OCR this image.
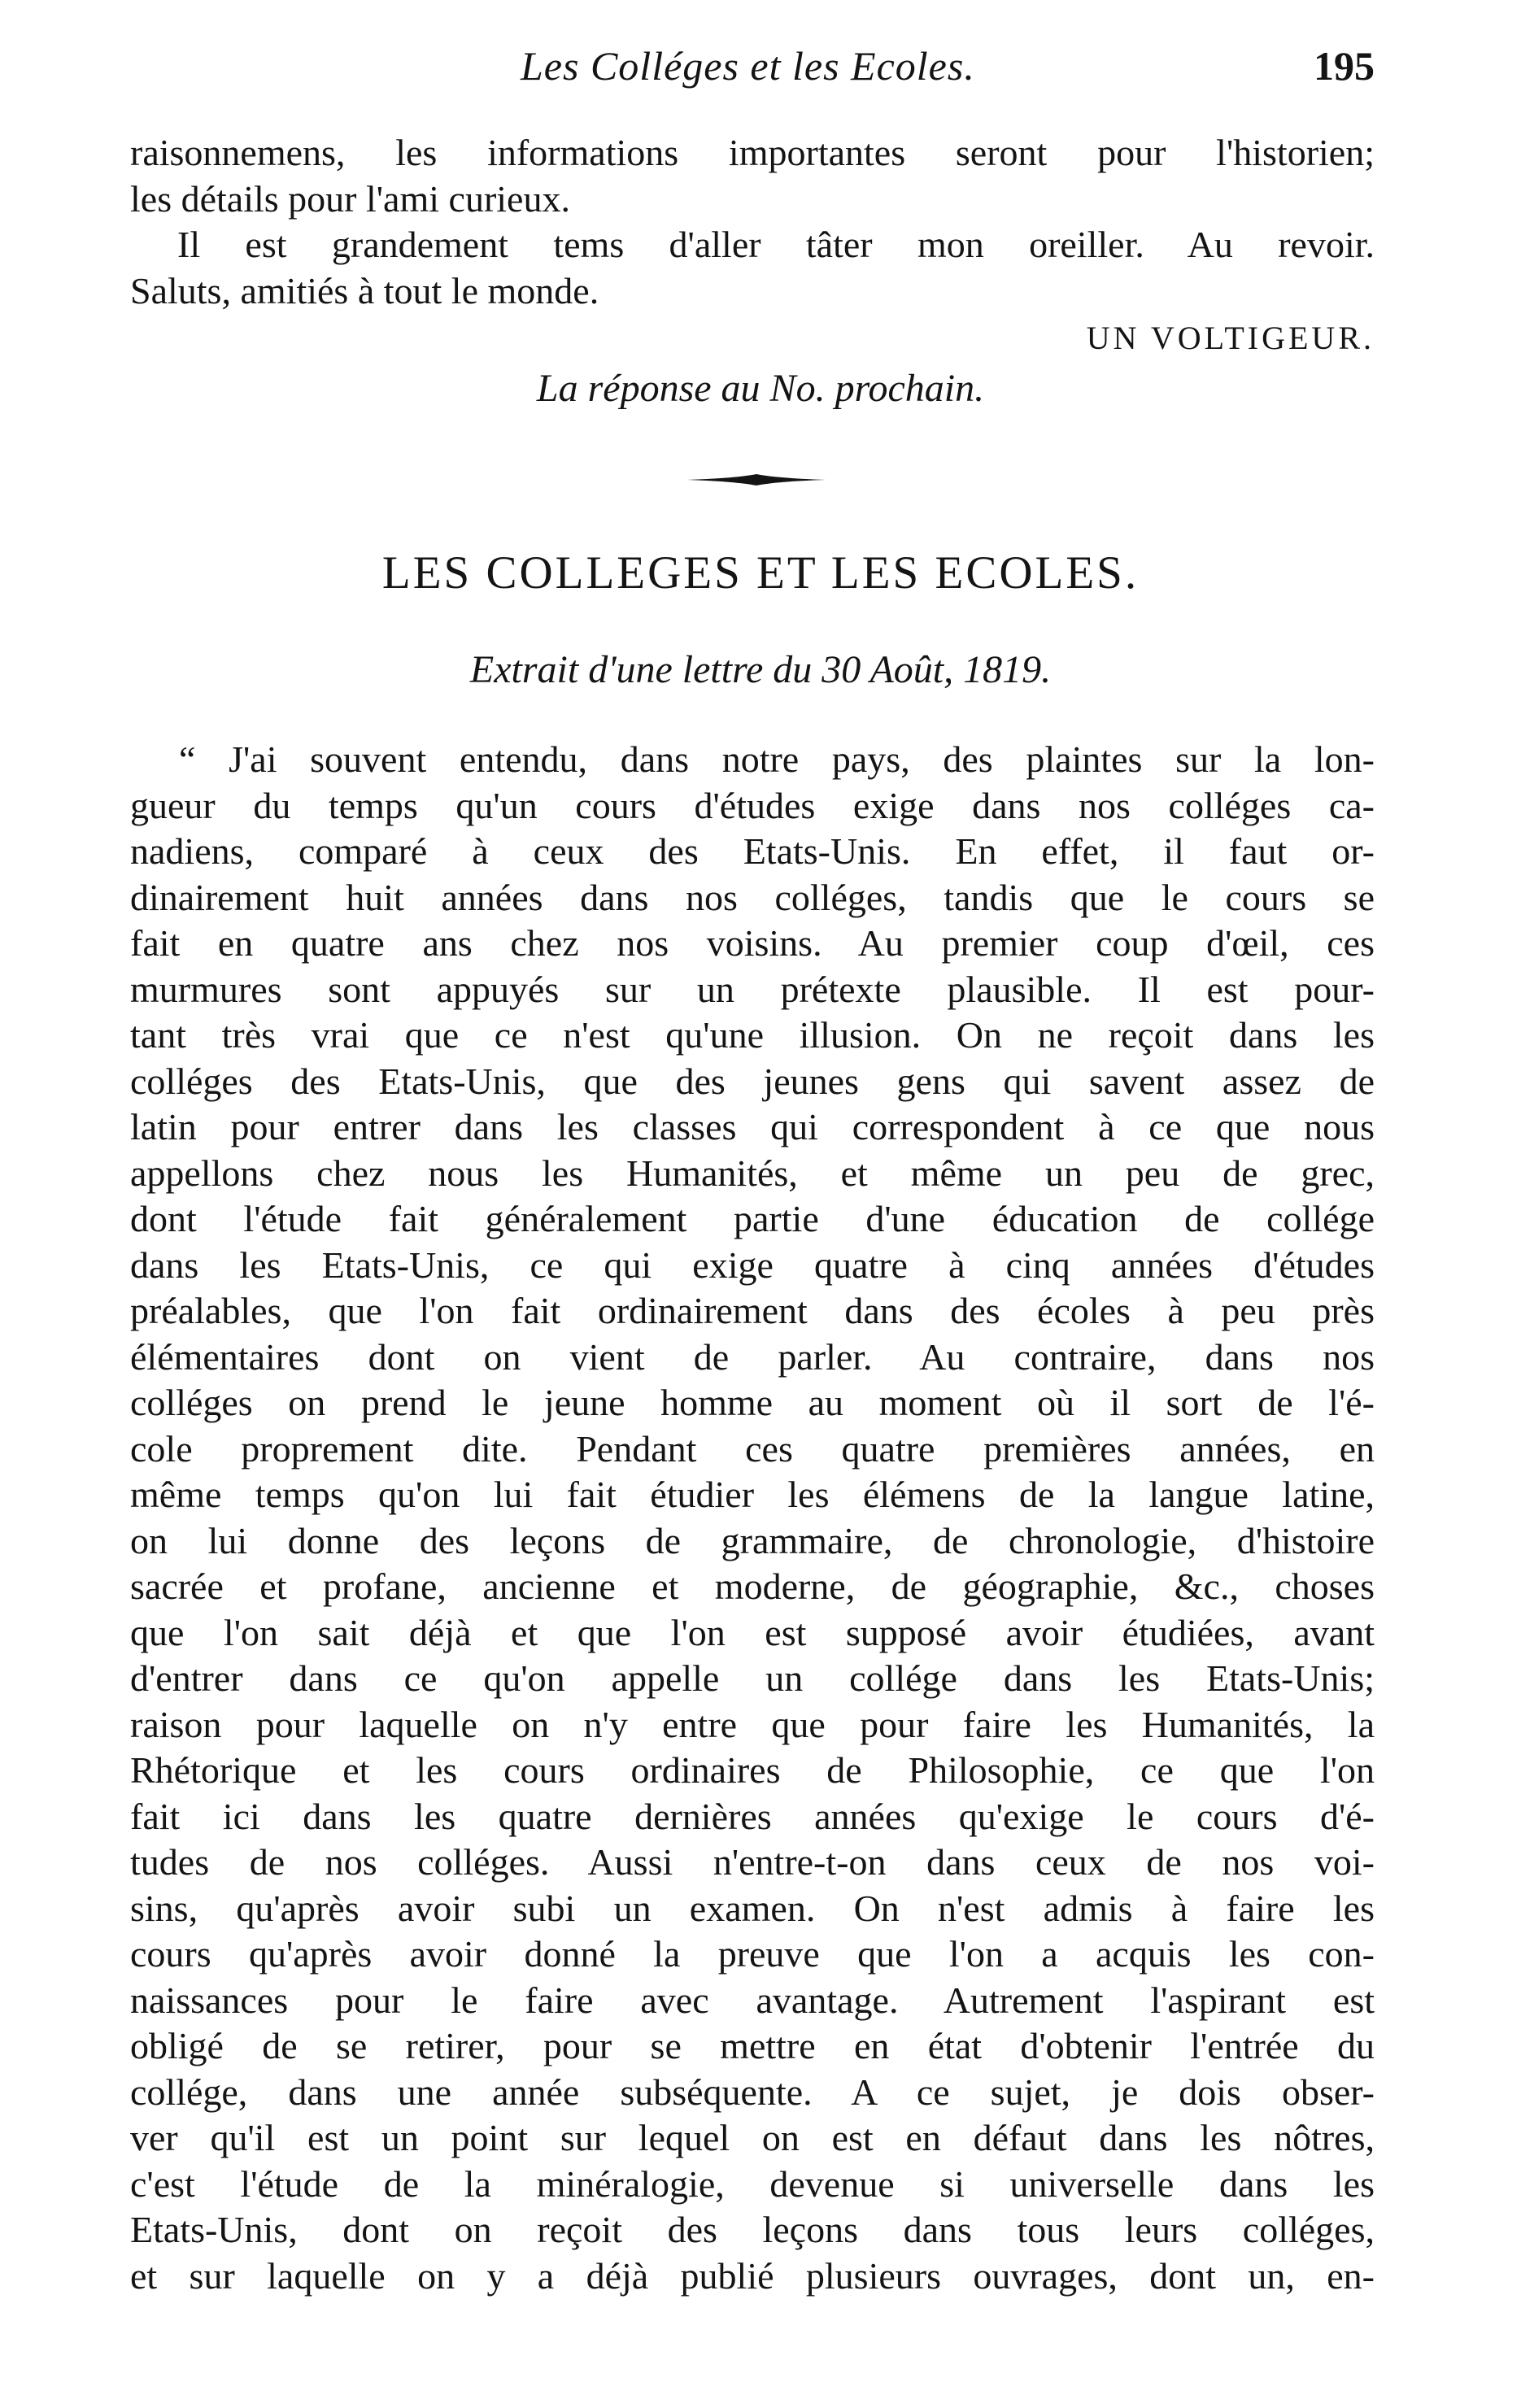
Les Colléges et les Ecoles.	195
raisonnemens, les informations importantes seront pour l'historien;
les détails pour l'ami curieux.
Il est grandement tems d'aller tâter mon oreiller. Au revoir.
Saluts, amitiés à tout le monde.
UN VOLTIGEUR.
La réponse au No. prochain.
LES COLLEGES ET LES ECOLES.
Extrait d'une lettre du 30 Août, 1819.
“ J'ai souvent entendu, dans notre pays, des plaintes sur la lon-
gueur du temps qu'un cours d'études exige dans nos colléges ca-
nadiens, comparé à ceux des Etats-Unis. En effet, il faut or-
dinairement huit années dans nos colléges, tandis que le cours se
fait en quatre ans chez nos voisins. Au premier coup d'œil, ces
murmures sont appuyés sur un prétexte plausible. Il est pour-
tant très vrai que ce n'est qu'une illusion. On ne reçoit dans les
colléges des Etats-Unis, que des jeunes gens qui savent assez de
latin pour entrer dans les classes qui correspondent à ce que nous
appellons chez nous les Humanités, et même un peu de grec,
dont l'étude fait généralement partie d'une éducation de collége
dans les Etats-Unis, ce qui exige quatre à cinq années d'études
préalables, que l'on fait ordinairement dans des écoles à peu près
élémentaires dont on vient de parler. Au contraire, dans nos
colléges on prend le jeune homme au moment où il sort de l'é-
cole proprement dite. Pendant ces quatre premières années, en
même temps qu'on lui fait étudier les élémens de la langue latine,
on lui donne des leçons de grammaire, de chronologie, d'histoire
sacrée et profane, ancienne et moderne, de géographie, &c., choses
que l'on sait déjà et que l'on est supposé avoir étudiées, avant
d'entrer dans ce qu'on appelle un collége dans les Etats-Unis;
raison pour laquelle on n'y entre que pour faire les Humanités, la
Rhétorique et les cours ordinaires de Philosophie, ce que l'on
fait ici dans les quatre dernières années qu'exige le cours d'é-
tudes de nos colléges. Aussi n'entre-t-on dans ceux de nos voi-
sins, qu'après avoir subi un examen. On n'est admis à faire les
cours qu'après avoir donné la preuve que l'on a acquis les con-
naissances pour le faire avec avantage. Autrement l'aspirant est
obligé de se retirer, pour se mettre en état d'obtenir l'entrée du
collége, dans une année subséquente. A ce sujet, je dois obser-
ver qu'il est un point sur lequel on est en défaut dans les nôtres,
c'est l'étude de la minéralogie, devenue si universelle dans les
Etats-Unis, dont on reçoit des leçons dans tous leurs colléges,
et sur laquelle on y a déjà publié plusieurs ouvrages, dont un, en-
